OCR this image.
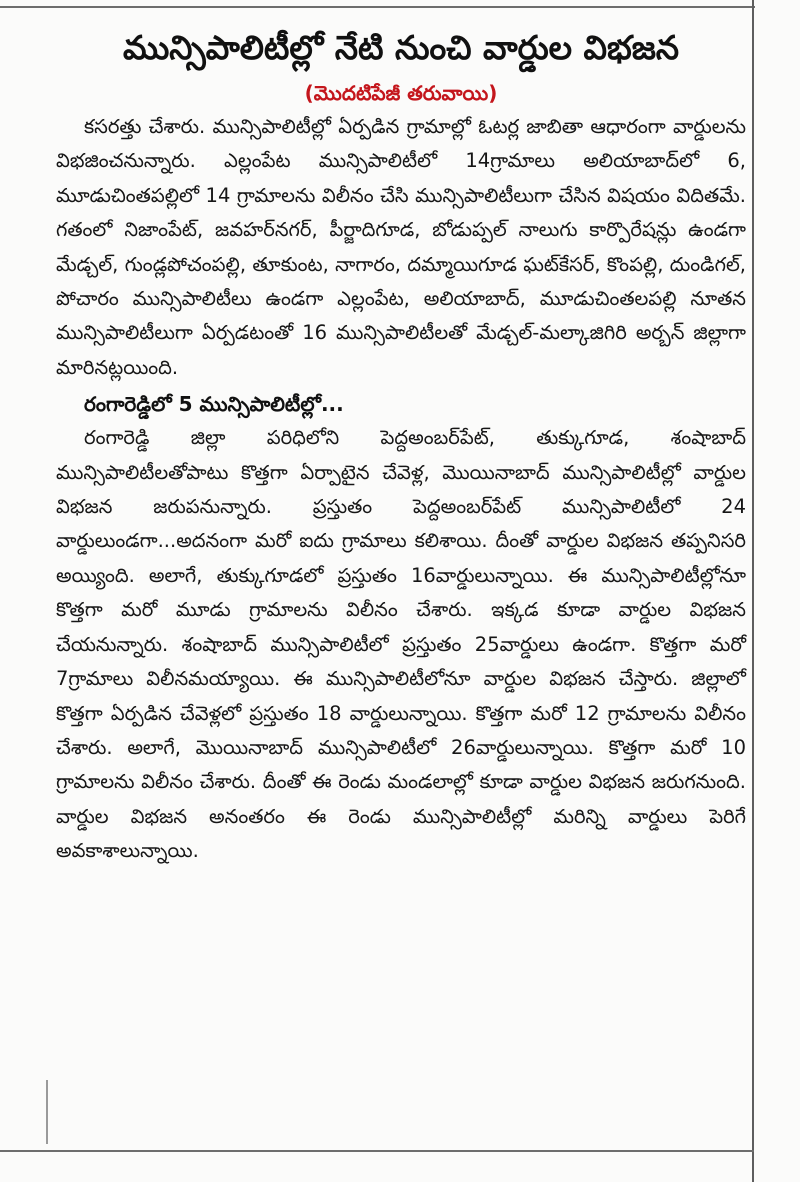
మున్సిపాలిటీల్లో నేటి నుంచి వార్డుల విభజన
(మొదటిపేజీ తరువాయి)

కసరత్తు చేశారు. మున్సిపాలిటీల్లో ఏర్పడిన గ్రామాల్లో ఓటర్ల జాబితా ఆధారంగా వార్డులను విభజించనున్నారు. ఎల్లంపేట మున్సిపాలిటీలో 14గ్రామాలు అలియాబాద్‌లో 6, మూడుచింతపల్లిలో 14 గ్రామాలను విలీనం చేసి మున్సిపాలిటీలుగా చేసిన విషయం విదితమే. గతంలో నిజాంపేట్, జవహర్‌నగర్, పీర్జాదిగూడ, బోడుప్పల్ నాలుగు కార్పొరేషన్లు ఉండగా మేడ్చల్, గుండ్లపోచంపల్లి, తూకుంట, నాగారం, దమ్మాయిగూడ ఘట్‌కేసర్, కొంపల్లి, దుండిగల్, పోచారం మున్సిపాలిటీలు ఉండగా ఎల్లంపేట, అలియాబాద్, మూడుచింతలపల్లి నూతన మున్సిపాలిటీలుగా ఏర్పడటంతో 16 మున్సిపాలిటీలతో మేడ్చల్-మల్కాజిగిరి అర్బన్ జిల్లాగా మారినట్లయింది.

రంగారెడ్డిలో 5 మున్సిపాలిటీల్లో...

రంగారెడ్డి జిల్లా పరిధిలోని పెద్దఅంబర్‌పేట్, తుక్కుగూడ, శంషాబాద్ మున్సిపాలిటీలతోపాటు కొత్తగా ఏర్పాటైన చేవెళ్ల, మొయినాబాద్ మున్సిపాలిటీల్లో వార్డుల విభజన జరుపనున్నారు. ప్రస్తుతం పెద్దఅంబర్‌పేట్ మున్సిపాలిటీలో 24 వార్డులుండగా...అదనంగా మరో ఐదు గ్రామాలు కలిశాయి. దీంతో వార్డుల విభజన తప్పనిసరి అయ్యింది. అలాగే, తుక్కుగూడలో ప్రస్తుతం 16వార్డులున్నాయి. ఈ మున్సిపాలిటీల్లోనూ కొత్తగా మరో మూడు గ్రామాలను విలీనం చేశారు. ఇక్కడ కూడా వార్డుల విభజన చేయనున్నారు. శంషాబాద్ మున్సిపాలిటీలో ప్రస్తుతం 25వార్డులు ఉండగా. కొత్తగా మరో 7గ్రామాలు విలీనమయ్యాయి. ఈ మున్సిపాలిటీలోనూ వార్డుల విభజన చేస్తారు. జిల్లాలో కొత్తగా ఏర్పడిన చేవెళ్లలో ప్రస్తుతం 18 వార్డులున్నాయి. కొత్తగా మరో 12 గ్రామాలను విలీనం చేశారు. అలాగే, మొయినాబాద్ మున్సిపాలిటీలో 26వార్డులున్నాయి. కొత్తగా మరో 10 గ్రామాలను విలీనం చేశారు. దీంతో ఈ రెండు మండలాల్లో కూడా వార్డుల విభజన జరుగనుంది. వార్డుల విభజన అనంతరం ఈ రెండు మున్సిపాలిటీల్లో మరిన్ని వార్డులు పెరిగే అవకాశాలున్నాయి.
